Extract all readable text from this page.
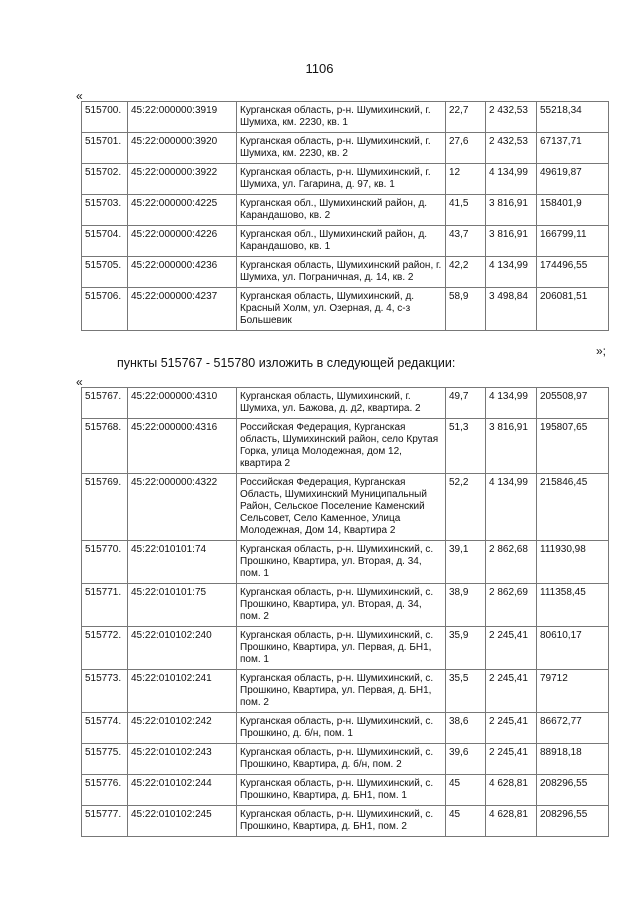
1106
«
515700.	45:22:000000:3919	Курганская область, р-н. Шумихинский, г. Шумиха, км. 2230, кв. 1	22,7	2 432,53	55218,34
515701.	45:22:000000:3920	Курганская область, р-н. Шумихинский, г. Шумиха, км. 2230, кв. 2	27,6	2 432,53	67137,71
515702.	45:22:000000:3922	Курганская область, р-н. Шумихинский, г. Шумиха, ул. Гагарина, д. 97, кв. 1	12	4 134,99	49619,87
515703.	45:22:000000:4225	Курганская обл., Шумихинский район, д. Карандашово, кв. 2	41,5	3 816,91	158401,9
515704.	45:22:000000:4226	Курганская обл., Шумихинский район, д. Карандашово, кв. 1	43,7	3 816,91	166799,11
515705.	45:22:000000:4236	Курганская область, Шумихинский район, г. Шумиха, ул. Пограничная, д. 14, кв. 2	42,2	4 134,99	174496,55
515706.	45:22:000000:4237	Курганская область, Шумихинский, д. Красный Холм, ул. Озерная, д. 4, с-з Большевик	58,9	3 498,84	206081,51
»;
пункты 515767 - 515780 изложить в следующей редакции:
«
515767.	45:22:000000:4310	Курганская область, Шумихинский, г. Шумиха, ул. Бажова, д. д2, квартира. 2	49,7	4 134,99	205508,97
515768.	45:22:000000:4316	Российская Федерация, Курганская область, Шумихинский район, село Крутая Горка, улица Молодежная, дом 12, квартира 2	51,3	3 816,91	195807,65
515769.	45:22:000000:4322	Российская Федерация, Курганская Область, Шумихинский Муниципальный Район, Сельское Поселение Каменский Сельсовет, Село Каменное, Улица Молодежная, Дом 14, Квартира 2	52,2	4 134,99	215846,45
515770.	45:22:010101:74	Курганская область, р-н. Шумихинский, с. Прошкино, Квартира, ул. Вторая, д. 34, пом. 1	39,1	2 862,68	111930,98
515771.	45:22:010101:75	Курганская область, р-н. Шумихинский, с. Прошкино, Квартира, ул. Вторая, д. 34, пом. 2	38,9	2 862,69	111358,45
515772.	45:22:010102:240	Курганская область, р-н. Шумихинский, с. Прошкино, Квартира, ул. Первая, д. БН1, пом. 1	35,9	2 245,41	80610,17
515773.	45:22:010102:241	Курганская область, р-н. Шумихинский, с. Прошкино, Квартира, ул. Первая, д. БН1, пом. 2	35,5	2 245,41	79712
515774.	45:22:010102:242	Курганская область, р-н. Шумихинский, с. Прошкино, д. б/н, пом. 1	38,6	2 245,41	86672,77
515775.	45:22:010102:243	Курганская область, р-н. Шумихинский, с. Прошкино, Квартира, д. б/н, пом. 2	39,6	2 245,41	88918,18
515776.	45:22:010102:244	Курганская область, р-н. Шумихинский, с. Прошкино, Квартира, д. БН1, пом. 1	45	4 628,81	208296,55
515777.	45:22:010102:245	Курганская область, р-н. Шумихинский, с. Прошкино, Квартира, д. БН1, пом. 2	45	4 628,81	208296,55
